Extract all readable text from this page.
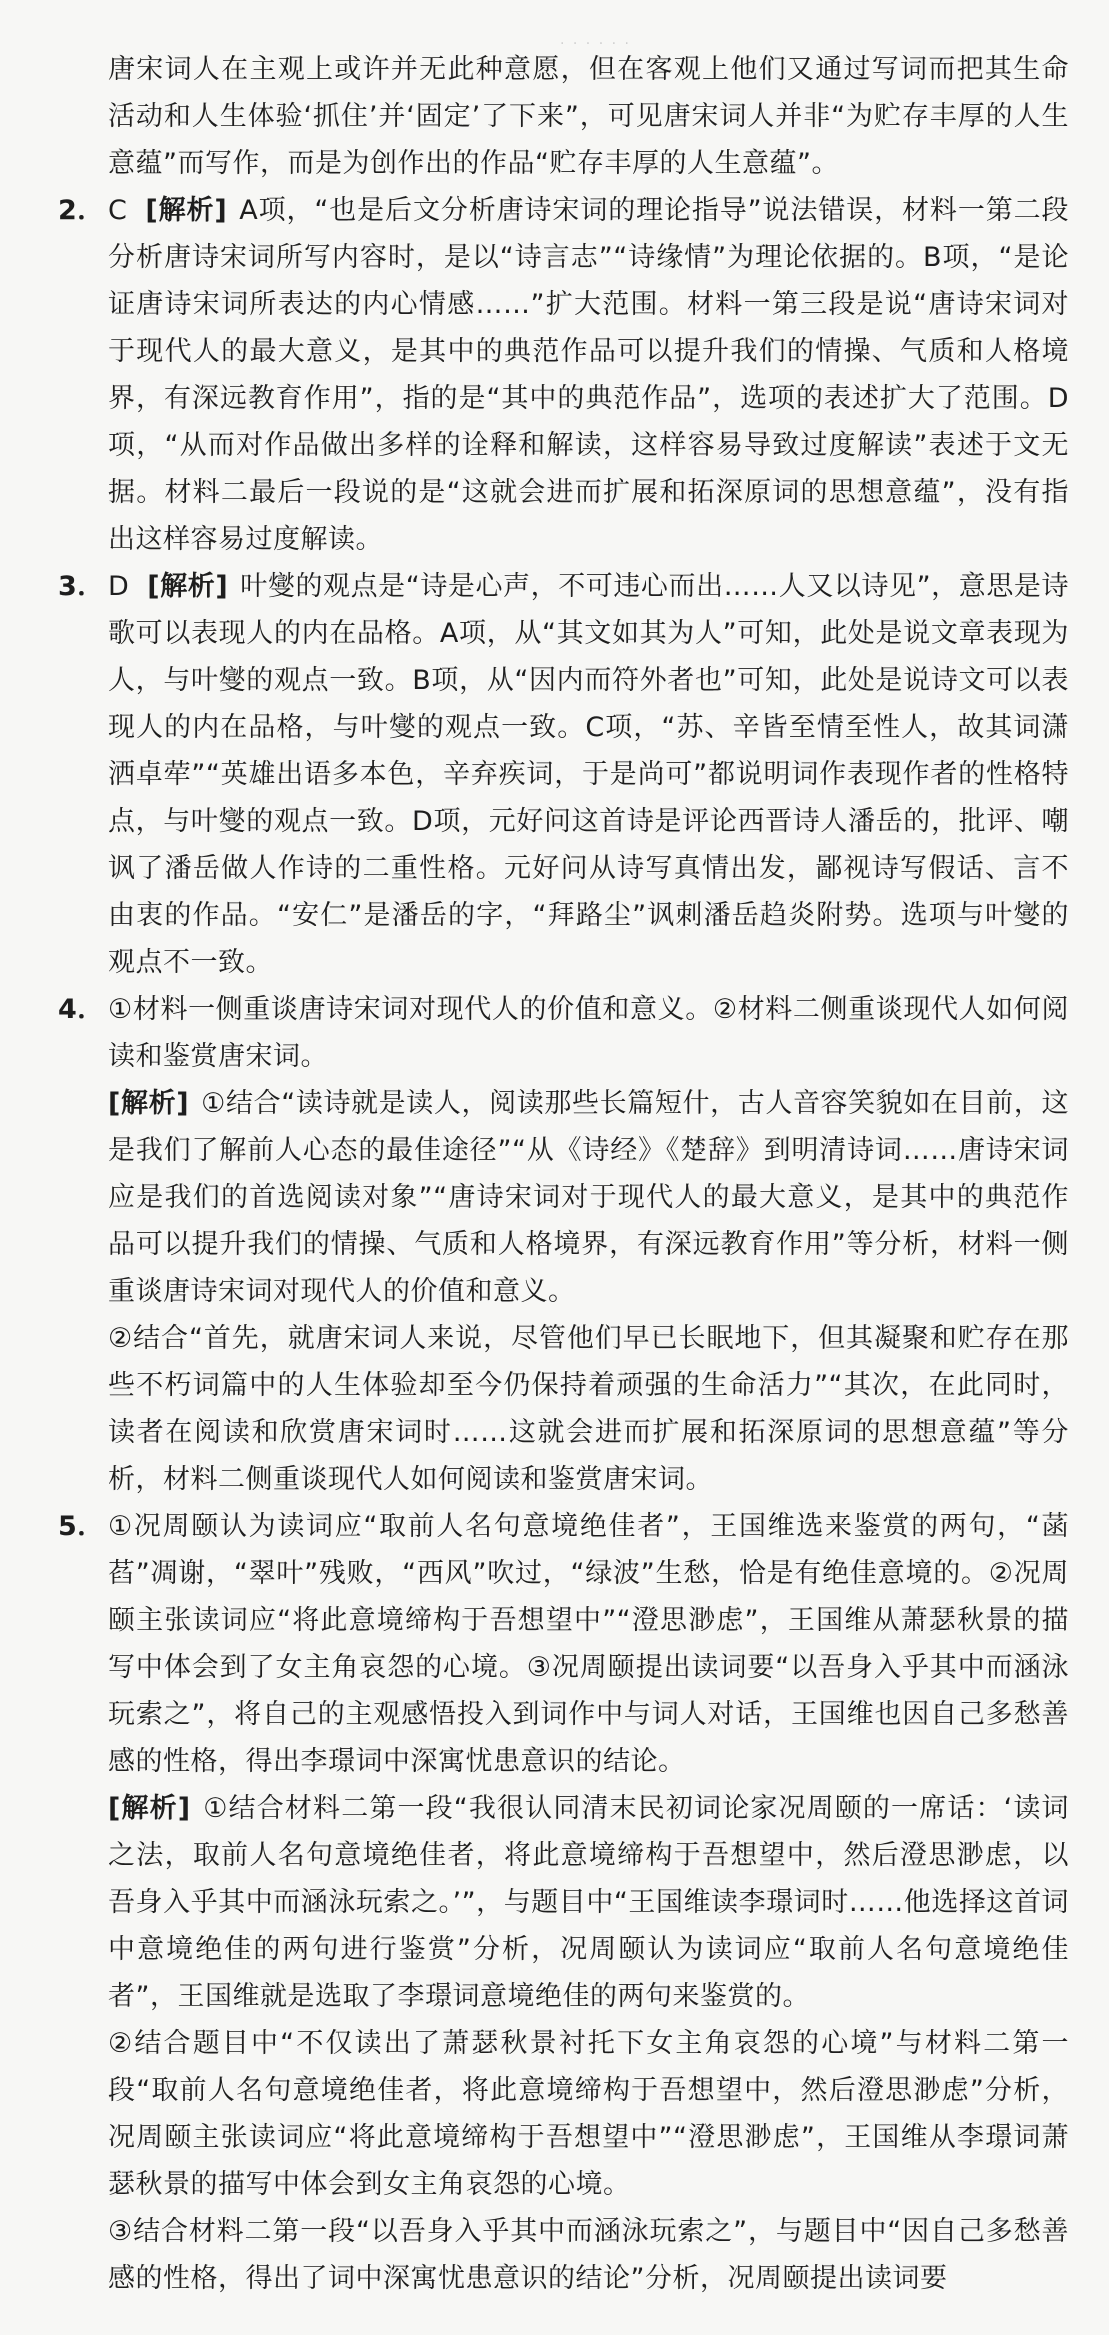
· · · · · ·

唐宋词人在主观上或许并无此种意愿，但在客观上他们又通过写词而把其生命活动和人生体验‘抓住’并‘固定’了下来”，可见唐宋词人并非“为贮存丰厚的人生意蕴”而写作，而是为创作出的作品“贮存丰厚的人生意蕴”。

2． C [解析] A项，“也是后文分析唐诗宋词的理论指导”说法错误，材料一第二段分析唐诗宋词所写内容时，是以“诗言志”“诗缘情”为理论依据的。B项，“是论证唐诗宋词所表达的内心情感……”扩大范围。材料一第三段是说“唐诗宋词对于现代人的最大意义，是其中的典范作品可以提升我们的情操、气质和人格境界，有深远教育作用”，指的是“其中的典范作品”，选项的表述扩大了范围。D项，“从而对作品做出多样的诠释和解读，这样容易导致过度解读”表述于文无据。材料二最后一段说的是“这就会进而扩展和拓深原词的思想意蕴”，没有指出这样容易过度解读。

3． D [解析] 叶燮的观点是“诗是心声，不可违心而出……人又以诗见”，意思是诗歌可以表现人的内在品格。A项，从“其文如其为人”可知，此处是说文章表现为人，与叶燮的观点一致。B项，从“因内而符外者也”可知，此处是说诗文可以表现人的内在品格，与叶燮的观点一致。C项，“苏、辛皆至情至性人，故其词潇洒卓荦”“英雄出语多本色，辛弃疾词，于是尚可”都说明词作表现作者的性格特点，与叶燮的观点一致。D项，元好问这首诗是评论西晋诗人潘岳的，批评、嘲讽了潘岳做人作诗的二重性格。元好问从诗写真情出发，鄙视诗写假话、言不由衷的作品。“安仁”是潘岳的字，“拜路尘”讽刺潘岳趋炎附势。选项与叶燮的观点不一致。

4． ①材料一侧重谈唐诗宋词对现代人的价值和意义。②材料二侧重谈现代人如何阅读和鉴赏唐宋词。

[解析] ①结合“读诗就是读人，阅读那些长篇短什，古人音容笑貌如在目前，这是我们了解前人心态的最佳途径”“从《诗经》《楚辞》到明清诗词……唐诗宋词应是我们的首选阅读对象”“唐诗宋词对于现代人的最大意义，是其中的典范作品可以提升我们的情操、气质和人格境界，有深远教育作用”等分析，材料一侧重谈唐诗宋词对现代人的价值和意义。

②结合“首先，就唐宋词人来说，尽管他们早已长眠地下，但其凝聚和贮存在那些不朽词篇中的人生体验却至今仍保持着顽强的生命活力”“其次，在此同时，读者在阅读和欣赏唐宋词时……这就会进而扩展和拓深原词的思想意蕴”等分析，材料二侧重谈现代人如何阅读和鉴赏唐宋词。

5． ①况周颐认为读词应“取前人名句意境绝佳者”，王国维选来鉴赏的两句，“菡萏”凋谢，“翠叶”残败，“西风”吹过，“绿波”生愁，恰是有绝佳意境的。②况周颐主张读词应“将此意境缔构于吾想望中”“澄思渺虑”，王国维从萧瑟秋景的描写中体会到了女主角哀怨的心境。③况周颐提出读词要“以吾身入乎其中而涵泳玩索之”，将自己的主观感悟投入到词作中与词人对话，王国维也因自己多愁善感的性格，得出李璟词中深寓忧患意识的结论。

[解析] ①结合材料二第一段“我很认同清末民初词论家况周颐的一席话：‘读词之法，取前人名句意境绝佳者，将此意境缔构于吾想望中，然后澄思渺虑，以吾身入乎其中而涵泳玩索之。’”，与题目中“王国维读李璟词时……他选择这首词中意境绝佳的两句进行鉴赏”分析，况周颐认为读词应“取前人名句意境绝佳者”，王国维就是选取了李璟词意境绝佳的两句来鉴赏的。

②结合题目中“不仅读出了萧瑟秋景衬托下女主角哀怨的心境”与材料二第一段“取前人名句意境绝佳者，将此意境缔构于吾想望中，然后澄思渺虑”分析，况周颐主张读词应“将此意境缔构于吾想望中”“澄思渺虑”，王国维从李璟词萧瑟秋景的描写中体会到女主角哀怨的心境。

③结合材料二第一段“以吾身入乎其中而涵泳玩索之”，与题目中“因自己多愁善感的性格，得出了词中深寓忧患意识的结论”分析，况周颐提出读词要
